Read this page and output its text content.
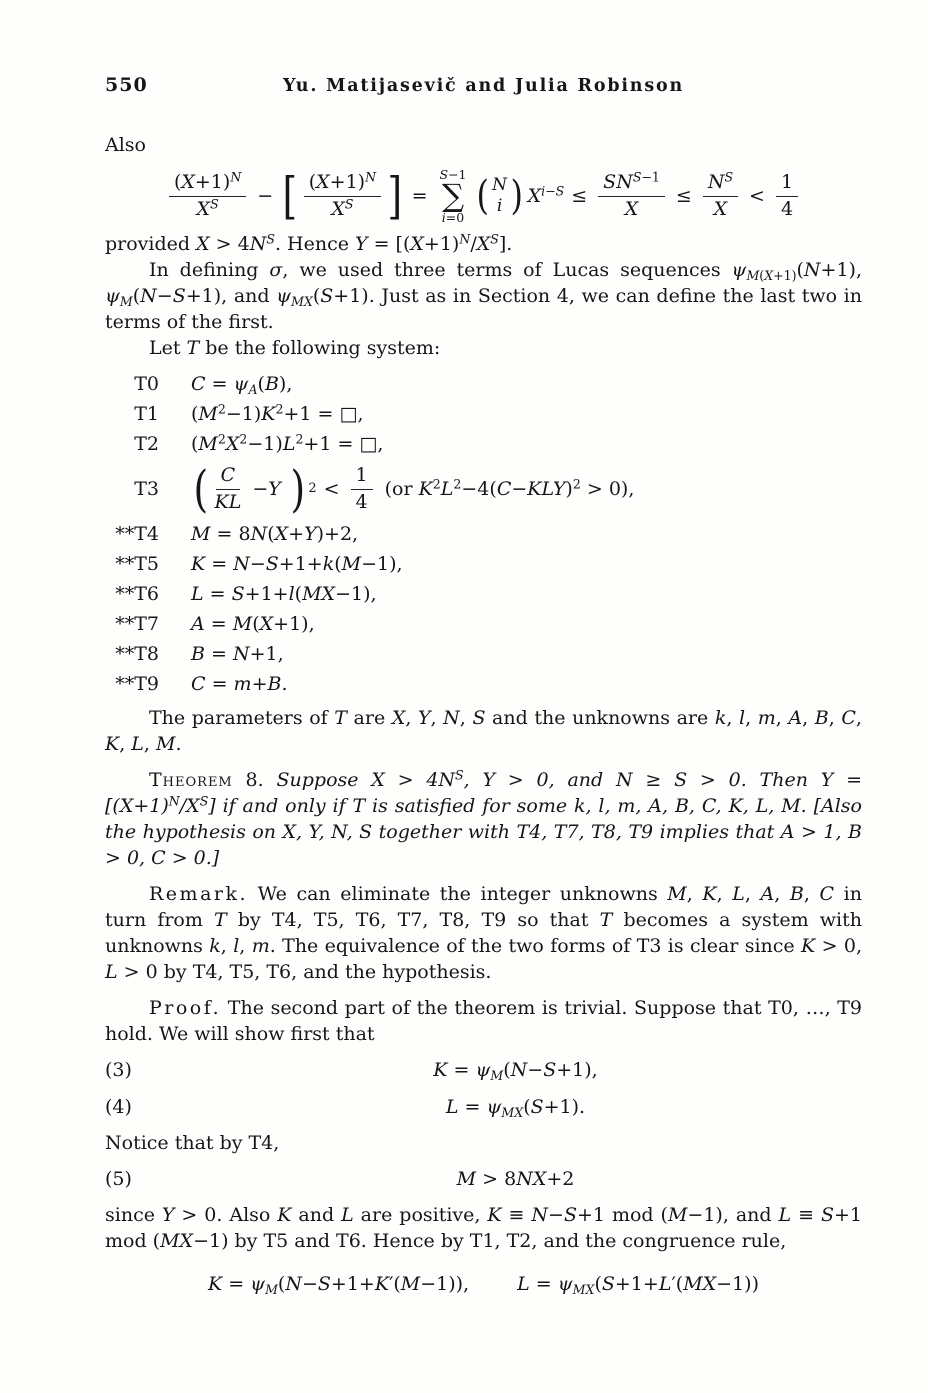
550	Yu. Matijasevič and Julia Robinson

Also

$\frac{(X+1)^N}{X^S}$ − [ $\frac{(X+1)^N}{X^S}$ ] =
S−1
∑
i=0 ( N
i ) $X^{i-S} \le \frac{SN^{S-1}}{X} \le \frac{N^S}{X} < \frac{1}{4}$

provided $X > 4N^S$. Hence $Y = [(X+1)^N/X^S]$.

In defining σ, we used three terms of Lucas sequences $\psi_{M(X+1)}(N+1)$, $\psi_M(N-S+1)$, and $\psi_{MX}(S+1)$. Just as in Section 4, we can define the last two in terms of the first.

Let T be the following system:

T0 $C = \psi_A(B)$,
T1 $(M^2-1)K^2+1$ = □,
T2 $(M^2X^2-1)L^2+1$ = □,
T3 ( $\frac{C}{KL} -Y$ ) $2 < \frac{1}{4} (or$ $K^2L^2-4(C-KLY)^2 > 0$),
**T4 M = 8N(X+Y)+2,
**T5 K = N−S+1+k(M−1),
**T6 L = S+1+l(MX−1),
**T7 A = M(X+1),
**T8 B = N+1,
**T9 C = m+B.

The parameters of T are X, Y, N, S and the unknowns are k, l, m, A, B, C, K, L, M.

Theorem 8. Suppose $X > 4N^S$, Y > 0, and N ≥ S > 0. Then $Y = [(X+1)^N/X^S]$ if and only if T is satisfied for some k, l, m, A, B, C, K, L, M. [Also the hypothesis on X, Y, N, S together with T4, T7, T8, T9 implies that A > 1, B > 0, C > 0.]

Remark. We can eliminate the integer unknowns M, K, L, A, B, C in turn from T by T4, T5, T6, T7, T8, T9 so that T becomes a system with unknowns k, l, m. The equivalence of the two forms of T3 is clear since K > 0, L > 0 by T4, T5, T6, and the hypothesis.

Proof. The second part of the theorem is trivial. Suppose that T0, …, T9 hold. We will show first that

(3)	$K = \psi_M(N-S+1)$,
(4)	$L = \psi_{MX}(S+1)$.

Notice that by T4,

(5)	M > 8NX+2

since Y > 0. Also K and L are positive, K ≡ N−S+1 mod (M−1), and L ≡ S+1 mod (MX−1) by T5 and T6. Hence by T1, T2, and the congruence rule,

$K = \psi_M(N-S+1+K'(M-1))$,	$L = \psi_{MX}(S+1+L'(MX-1))$
